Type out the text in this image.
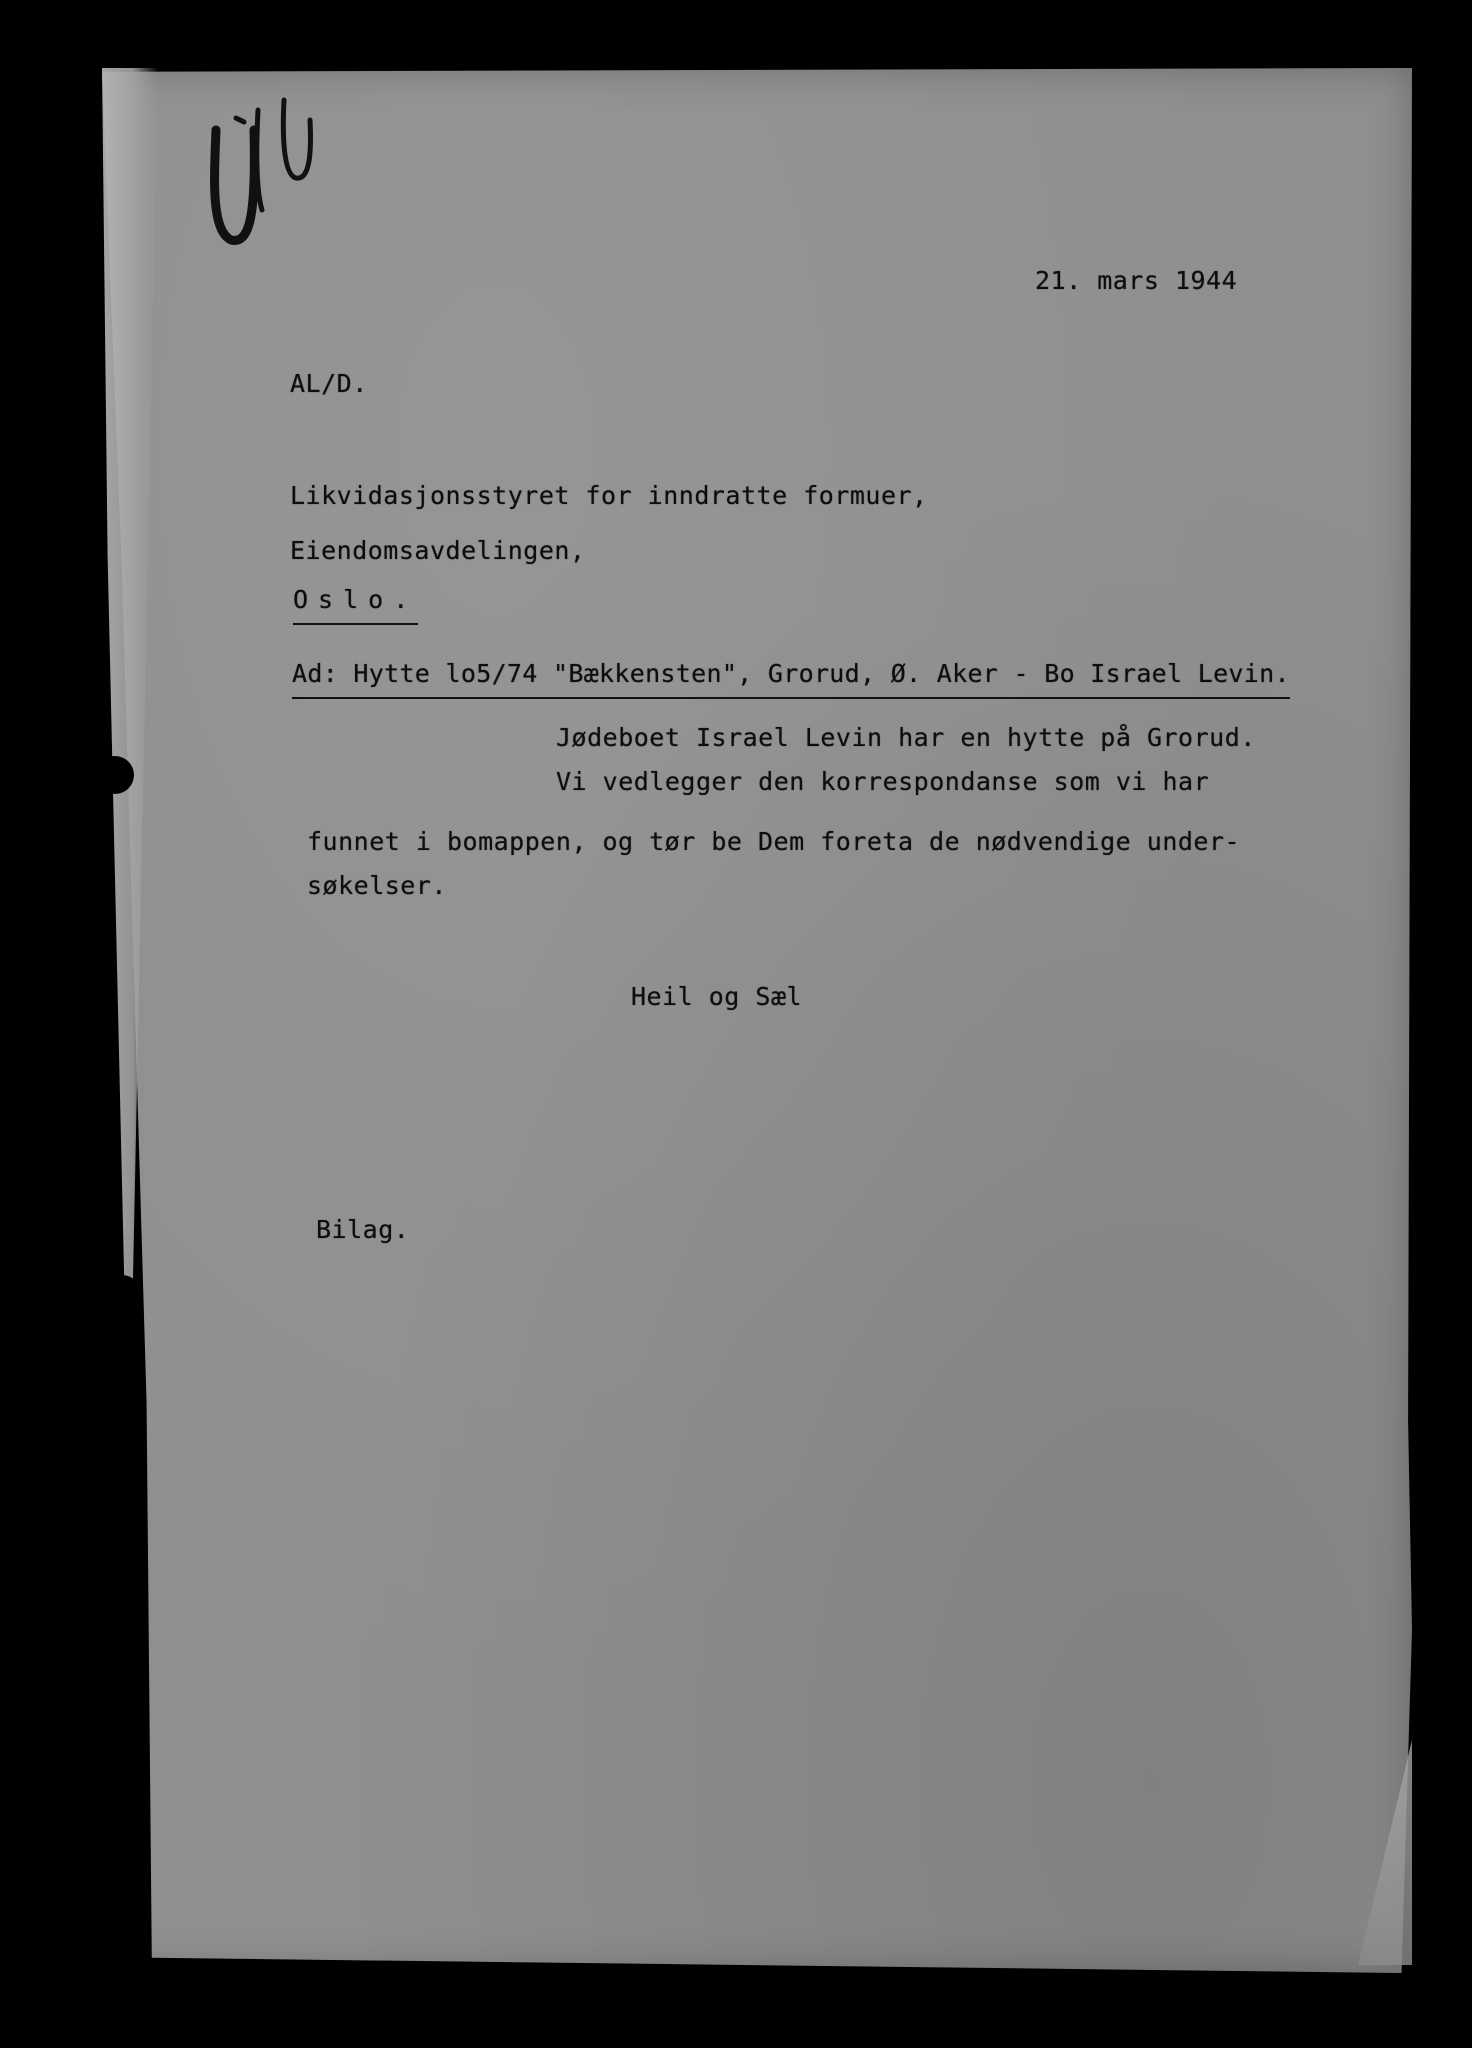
21. mars 1944
AL/D.
Likvidasjonsstyret for inndratte formuer,
Eiendomsavdelingen,
Oslo.
Ad: Hytte lo5/74 "Bækkensten", Grorud, Ø. Aker - Bo Israel Levin.
Jødeboet Israel Levin har en hytte på Grorud.
Vi vedlegger den korrespondanse som vi har
funnet i bomappen, og tør be Dem foreta de nødvendige under-
søkelser.
Heil og Sæl
Bilag.
